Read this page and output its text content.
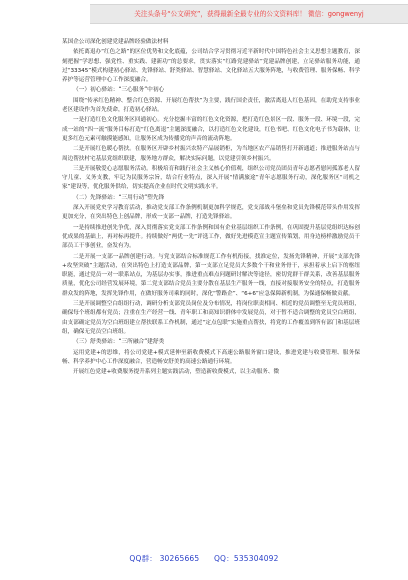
关注头条号“公文研究”，获得最新全最专业的公文资料库！ 微信：gongwenyj

某国企公司深化创建党建品牌经验做法材料

依托离退办“红色之路”的区位优势和文化底蕴，公司结合学习贯彻习近平新时代中国特色社会主义思想主题教育，深刻把握“学思想、强党性、重实践、建新功”的总要求，贯实落实“红路党建驿站”党建品牌创建，立足驿站服务功能，通过“33345”模式构建初心驿站、先锋驿站、舒类驿站、智慧驿站、文化驿站五大服务阵地，与收费管理、服务保畅、科学养护等运营管理中心工作深度融合。

（一）初心驿站：“三心服务”中初心

围绕“传承红色精神、整合红色资源、开展红色帮扶”为主要，践行国企责任，激活离退人红色基因，在助党支持事业老区建设作为首先使命，打造初心驿站。

一是打造红色文化服务区回通初心。充分挖掘丰富的红色文化资源，把打造红色景区一段、服务一段、环境一段，完成一站的“四一流”服务目标打造“红色离退”主题深度融合，以打造红色文化建设，红色书吧、红色文化电子书为载体，让更多红色元素可触摸能感知，让服务区成为传播党的声音的流动阵地。

二是开展红色暖心帮扶。在服务区开辟乡村振兴农特产品展销柜，为当地区农产品销售打开新通道；推进服务站点与周边帮扶村宅基层党组织联建，服务地方群众，解决实际问题，以党建引领乡村振兴。

三是开展敬爱心志愿服务活动。积极培育和践行社会主义核心价值观，组织公司党员团员青年志愿者慰问孤寡老人留守儿童、义务支教，牢记为民服务宗旨，结合行业特点，深入开展“情满旅途”青年志愿服务行动，深化服务区“司机之家”建设等，优化服务供给，切实提高企业在时代文明实践水平。

（二）先锋驿站：“三用行动”塑先锋

深入开展党史学习教育活动，推动党支部工作条例机制更加科学规范，党支部战斗堡垒和党员先锋模范带头作用发挥更加充分，在突出特色上创品牌，形成一支部一品牌，打造先锋驿站。

一是持续推进创先争优，深入贯彻落实党支部工作条例和国有企业基层组织工作条例，在巩固提升基层党组织达标创优成果的基础上，再对标再提升。持续做好“两优一先”评选工作，做好先进模范宣主题宣传策划，用身边榜样激励党员干部员工干事创业，奋发有为。

二是开展一支部一品牌创建行动。与党支部结合标准规范工作有机衔接，找准定位，发扬先锋精神，开展“支部先锋+攻坚突破”主题活动，在突出特色上打造支部品牌，第一支部立足党员大多数个干和业务骨干，承担着承上启下的枢纽职能，通过党员一对一联系站点，为基层办实事，推进重点难点问题研讨解决等途径，密切党群干群关系，改善基层服务质量，优化公司经营发展环境，第二党支部结合党员主要分散在基层生产服务一线，直接对接服务安全的特点，打造服务群众发的阵地，发挥先锋作用，在做好服务司乘的同时，深化“警路企”、“6+6”应急保障新机制，为保通保畅做贡献。

三是开展调整空白组组行动，调研分析支部党员岗位及分布情况，将岗位职责相同、相近的党员调整至无党员班组，确保每个班组都有党员；注重在生产经营一线、青年职工和高知识群体中发展党员，对于暂不适合调整的党员空白班组，由支部确定党员为空白班组建立帮扶联系工作机制，通过“定点包联”实施重点帮扶，将党的工作覆盖到所有部门和基层班组，确保无党员空白班组。

（三）舒类驿站：“三所融合”建舒类

运用党建+的思维，将公司党建+模式延伸至新收费模式下高速公路服务窗口建设，推进党建与收费管理、服务保畅、科学养护中心工作深度融合，营造畅安舒美的高速公路通行环境。

开展红色党建+收费服务提升系列主题实践活动，塑造新收费模式，以主动服务、微

QQ群： 30265665 QQ：535304092
